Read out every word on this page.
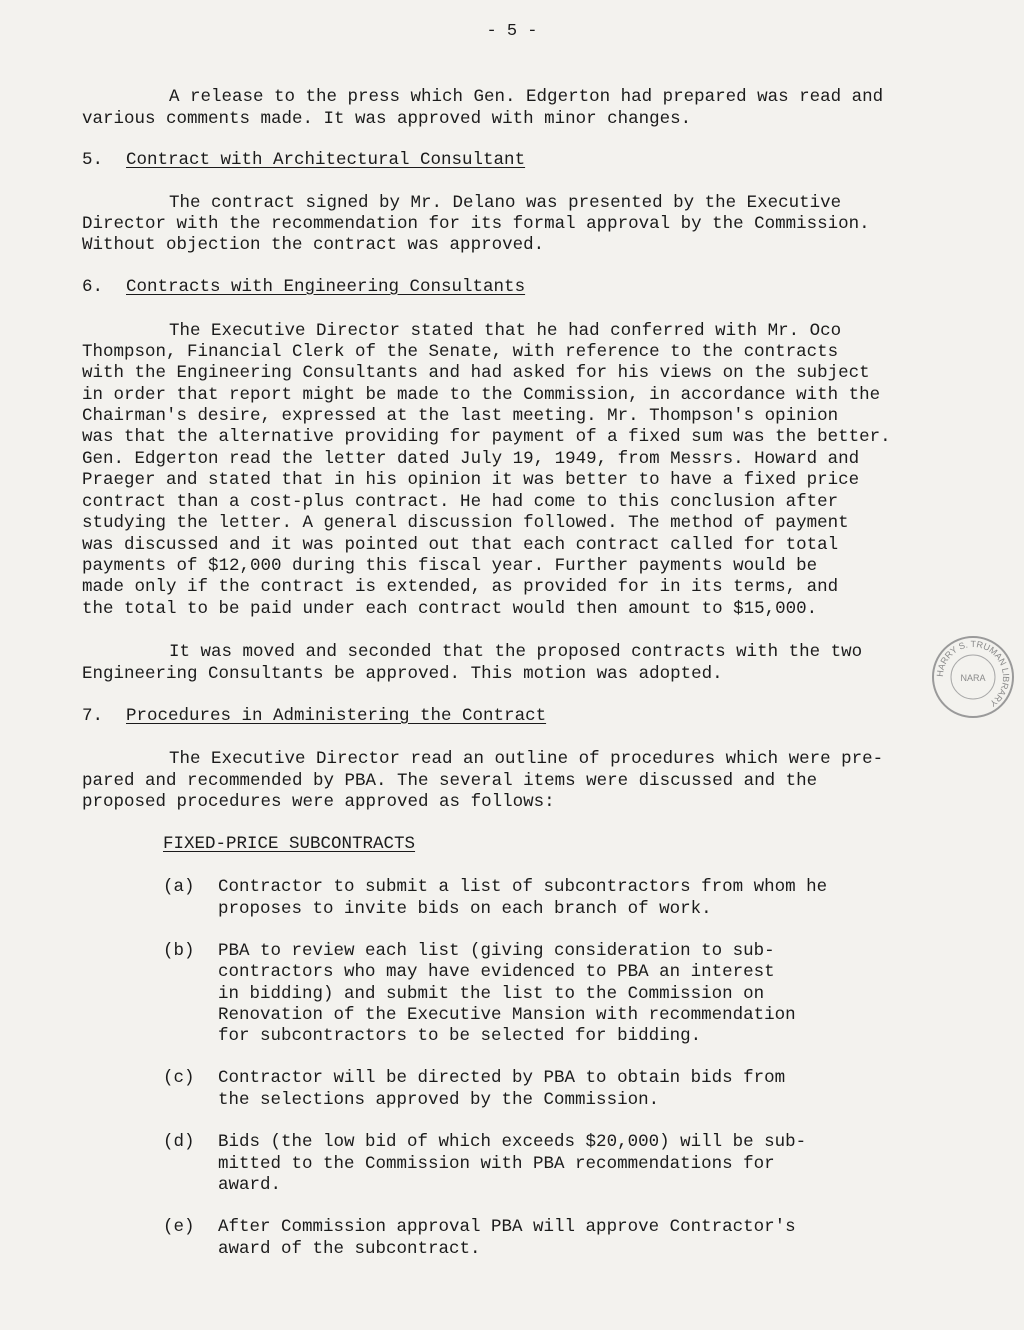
- 5 -
A release to the press which Gen. Edgerton had prepared was read and
various comments made. It was approved with minor changes.
5. Contract with Architectural Consultant
The contract signed by Mr. Delano was presented by the Executive
Director with the recommendation for its formal approval by the Commission.
Without objection the contract was approved.
6. Contracts with Engineering Consultants
The Executive Director stated that he had conferred with Mr. Oco
Thompson, Financial Clerk of the Senate, with reference to the contracts
with the Engineering Consultants and had asked for his views on the subject
in order that report might be made to the Commission, in accordance with the
Chairman's desire, expressed at the last meeting. Mr. Thompson's opinion
was that the alternative providing for payment of a fixed sum was the better.
Gen. Edgerton read the letter dated July 19, 1949, from Messrs. Howard and
Praeger and stated that in his opinion it was better to have a fixed price
contract than a cost-plus contract. He had come to this conclusion after
studying the letter. A general discussion followed. The method of payment
was discussed and it was pointed out that each contract called for total
payments of $12,000 during this fiscal year. Further payments would be
made only if the contract is extended, as provided for in its terms, and
the total to be paid under each contract would then amount to $15,000.
It was moved and seconded that the proposed contracts with the two
Engineering Consultants be approved. This motion was adopted.
7. Procedures in Administering the Contract
The Executive Director read an outline of procedures which were pre-
pared and recommended by PBA. The several items were discussed and the
proposed procedures were approved as follows:
FIXED-PRICE SUBCONTRACTS
(a) Contractor to submit a list of subcontractors from whom he
proposes to invite bids on each branch of work.
(b) PBA to review each list (giving consideration to sub-
contractors who may have evidenced to PBA an interest
in bidding) and submit the list to the Commission on
Renovation of the Executive Mansion with recommendation
for subcontractors to be selected for bidding.
(c) Contractor will be directed by PBA to obtain bids from
the selections approved by the Commission.
(d) Bids (the low bid of which exceeds $20,000) will be sub-
mitted to the Commission with PBA recommendations for
award.
(e) After Commission approval PBA will approve Contractor's
award of the subcontract.
HARRY S. TRUMAN LIBRARY
NARA
